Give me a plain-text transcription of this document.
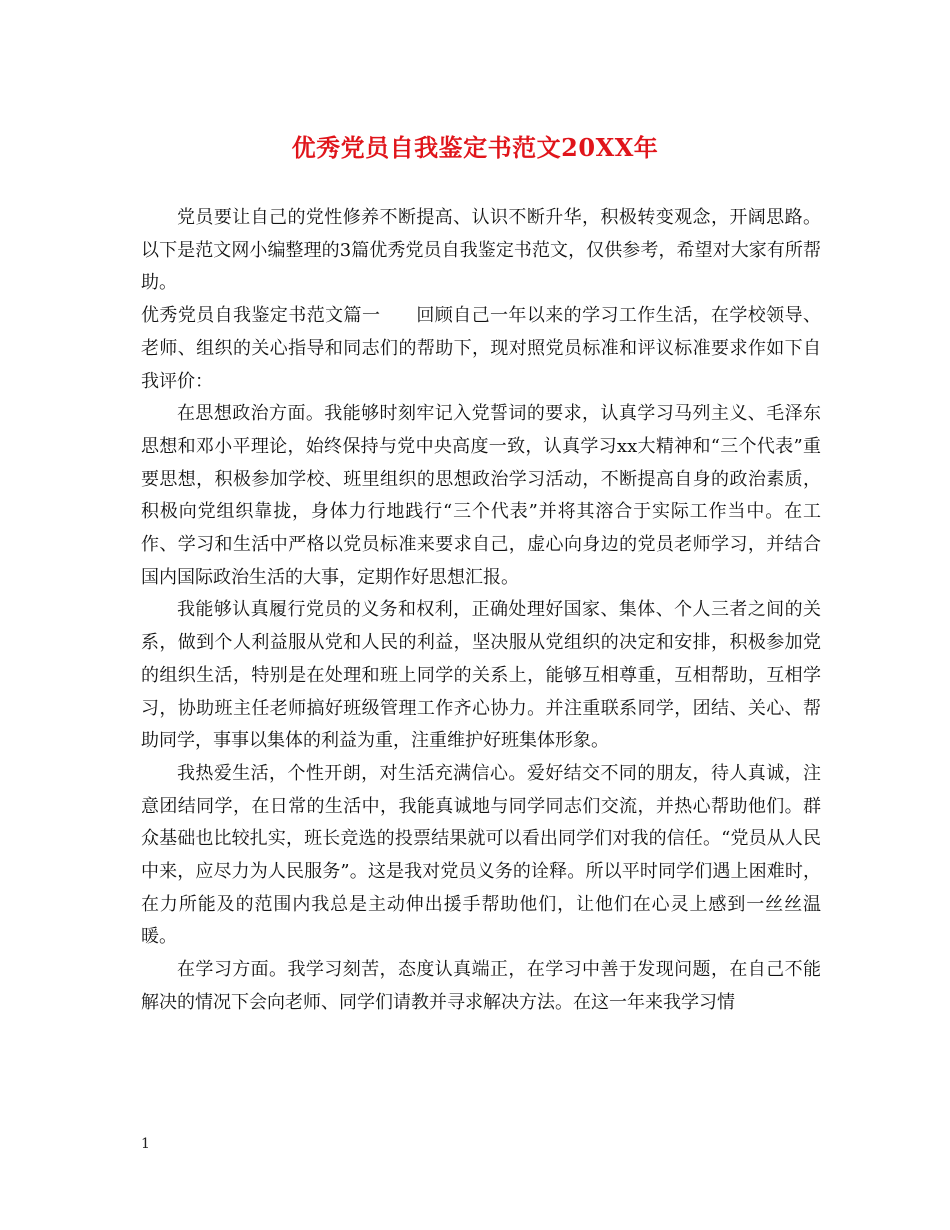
优秀党员自我鉴定书范文20XX年

党员要让自己的党性修养不断提高、认识不断升华，积极转变观念，开阔思路。以下是范文网小编整理的3篇优秀党员自我鉴定书范文，仅供参考，希望对大家有所帮助。

优秀党员自我鉴定书范文篇一 回顾自己一年以来的学习工作生活，在学校领导、老师、组织的关心指导和同志们的帮助下，现对照党员标准和评议标准要求作如下自我评价：

在思想政治方面。我能够时刻牢记入党誓词的要求，认真学习马列主义、毛泽东思想和邓小平理论，始终保持与党中央高度一致，认真学习xx大精神和“三个代表”重要思想，积极参加学校、班里组织的思想政治学习活动，不断提高自身的政治素质，积极向党组织靠拢，身体力行地践行“三个代表”并将其溶合于实际工作当中。在工作、学习和生活中严格以党员标准来要求自己，虚心向身边的党员老师学习，并结合国内国际政治生活的大事，定期作好思想汇报。

我能够认真履行党员的义务和权利，正确处理好国家、集体、个人三者之间的关系，做到个人利益服从党和人民的利益，坚决服从党组织的决定和安排，积极参加党的组织生活，特别是在处理和班上同学的关系上，能够互相尊重，互相帮助，互相学习，协助班主任老师搞好班级管理工作齐心协力。并注重联系同学，团结、关心、帮助同学，事事以集体的利益为重，注重维护好班集体形象。

我热爱生活，个性开朗，对生活充满信心。爱好结交不同的朋友，待人真诚，注意团结同学，在日常的生活中，我能真诚地与同学同志们交流，并热心帮助他们。群众基础也比较扎实，班长竞选的投票结果就可以看出同学们对我的信任。“党员从人民中来，应尽力为人民服务”。这是我对党员义务的诠释。所以平时同学们遇上困难时，在力所能及的范围内我总是主动伸出援手帮助他们，让他们在心灵上感到一丝丝温暖。

在学习方面。我学习刻苦，态度认真端正，在学习中善于发现问题，在自己不能解决的情况下会向老师、同学们请教并寻求解决方法。在这一年来我学习情

1
